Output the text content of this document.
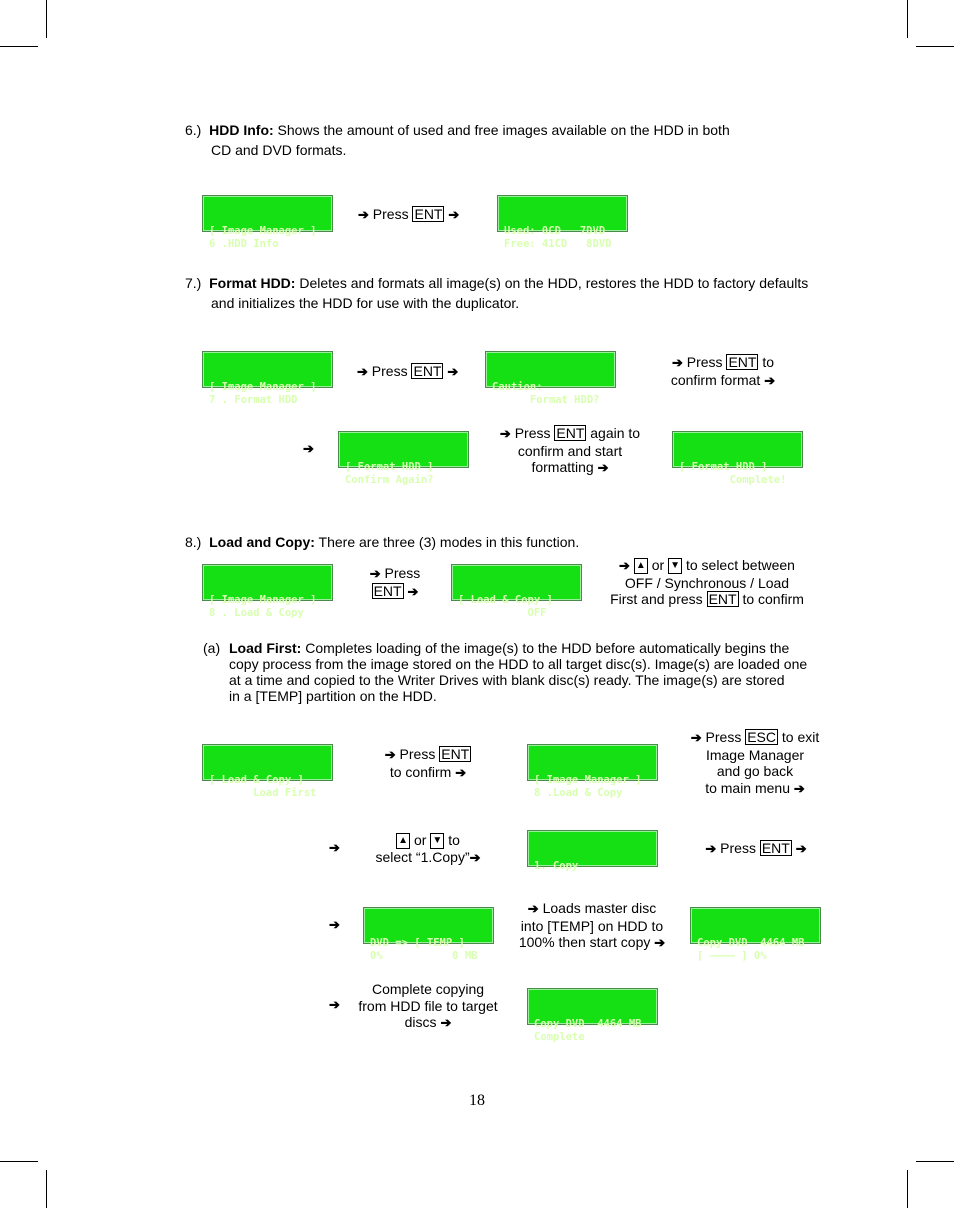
6.) HDD Info: Shows the amount of used and free images available on the HDD in both
CD and DVD formats.

[ Image Manager ]
6 .HDD Info

➔ Press ENT ➔

Used: 0CD   7DVD
Free: 41CD   8DVD

7.) Format HDD: Deletes and formats all image(s) on the HDD, restores the HDD to factory defaults
and initializes the HDD for use with the duplicator.

[ Image Manager ]
7 . Format HDD

➔ Press ENT ➔

Caution:
Format HDD?

➔ Press ENT to
confirm format ➔
➔

[ Format HDD ]
Confirm Again?

➔ Press ENT again to
confirm and start
formatting ➔

	[ Format HDD ]
Complete!

8.) Load and Copy: There are three (3) modes in this function.

[ Image Manager ]
8 . Load & Copy

➔ Press
ENT ➔

[ Load & Copy ]
OFF

➔ ▲ or ▼ to select between
OFF / Synchronous / Load
First and press ENT to confirm
(a) Load First: Completes loading of the image(s) to the HDD before automatically begins the
copy process from the image stored on the HDD to all target disc(s). Image(s) are loaded one
at a time and copied to the Writer Drives with blank disc(s) ready. The image(s) are stored
in a [TEMP] partition on the HDD.

[ Load & Copy ]
Load First

➔ Press ENT
to confirm ➔

[ Image Manager ]
8 .Load & Copy

➔ Press ESC to exit
Image Manager
and go back
to main menu ➔
➔	▲ or ▼ to
select “1.Copy”➔

1. Copy

➔ Press ENT ➔
➔

DVD => [ TEMP ]
0%           0 MB

➔ Loads master disc
into [TEMP] on HDD to
100% then start copy ➔

	Copy DVD  4464 MB
[ ———— ] 0%

➔
Complete copying
from HDD file to target
discs ➔

	Copy DVD  4464 MB
Complete

18
